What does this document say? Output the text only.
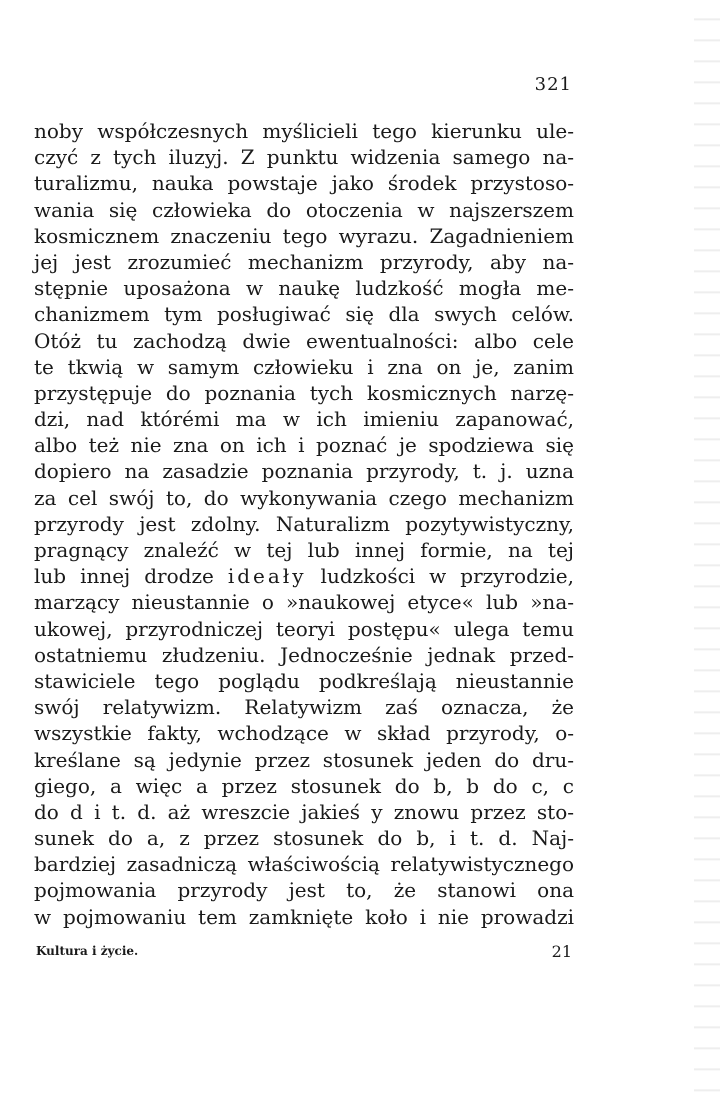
321
noby współczesnych myślicieli tego kierunku ule-
czyć z tych iluzyj. Z punktu widzenia samego na-
turalizmu, nauka powstaje jako środek przystoso-
wania się człowieka do otoczenia w najszerszem
kosmicznem znaczeniu tego wyrazu. Zagadnieniem
jej jest zrozumieć mechanizm przyrody, aby na-
stępnie uposażona w naukę ludzkość mogła me-
chanizmem tym posługiwać się dla swych celów.
Otóż tu zachodzą dwie ewentualności: albo cele
te tkwią w samym człowieku i zna on je, zanim
przystępuje do poznania tych kosmicznych narzę-
dzi, nad którémi ma w ich imieniu zapanować,
albo też nie zna on ich i poznać je spodziewa się
dopiero na zasadzie poznania przyrody, t. j. uzna
za cel swój to, do wykonywania czego mechanizm
przyrody jest zdolny. Naturalizm pozytywistyczny,
pragnący znaleźć w tej lub innej formie, na tej
lub innej drodze ideały ludzkości w przyrodzie,
marzący nieustannie o »naukowej etyce« lub »na-
ukowej, przyrodniczej teoryi postępu« ulega temu
ostatniemu złudzeniu. Jednocześnie jednak przed-
stawiciele tego poglądu podkreślają nieustannie
swój relatywizm. Relatywizm zaś oznacza, że
wszystkie fakty, wchodzące w skład przyrody, o-
kreślane są jedynie przez stosunek jeden do dru-
giego, a więc a przez stosunek do b, b do c, c
do d i t. d. aż wreszcie jakieś y znowu przez sto-
sunek do a, z przez stosunek do b, i t. d. Naj-
bardziej zasadniczą właściwością relatywistycznego
pojmowania przyrody jest to, że stanowi ona
w pojmowaniu tem zamknięte koło i nie prowadzi
Kultura i życie.	21
